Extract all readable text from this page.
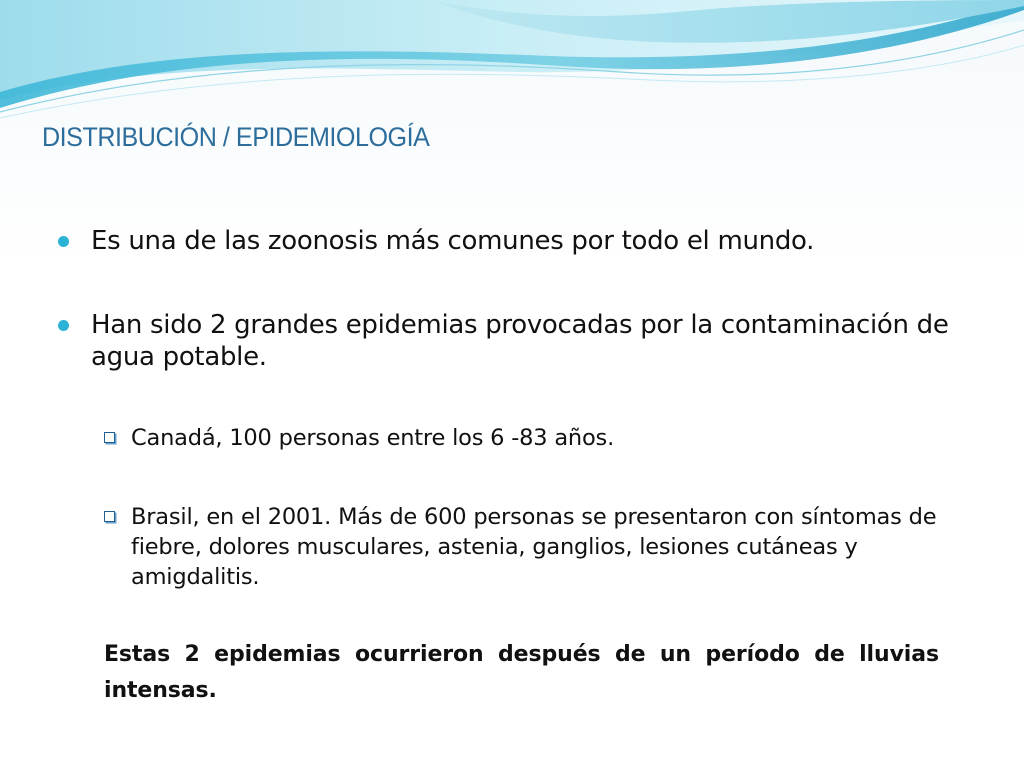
DISTRIBUCIÓN / EPIDEMIOLOGÍA
Es una de las zoonosis más comunes por todo el mundo.
Han sido 2 grandes epidemias provocadas por la contaminación de agua potable.
Canadá, 100 personas entre los 6 -83 años.
Brasil, en el 2001. Más de 600 personas se presentaron con síntomas de fiebre, dolores musculares, astenia, ganglios, lesiones cutáneas y amigdalitis.

Estas 2 epidemias ocurrieron después de un período de lluvias intensas.
